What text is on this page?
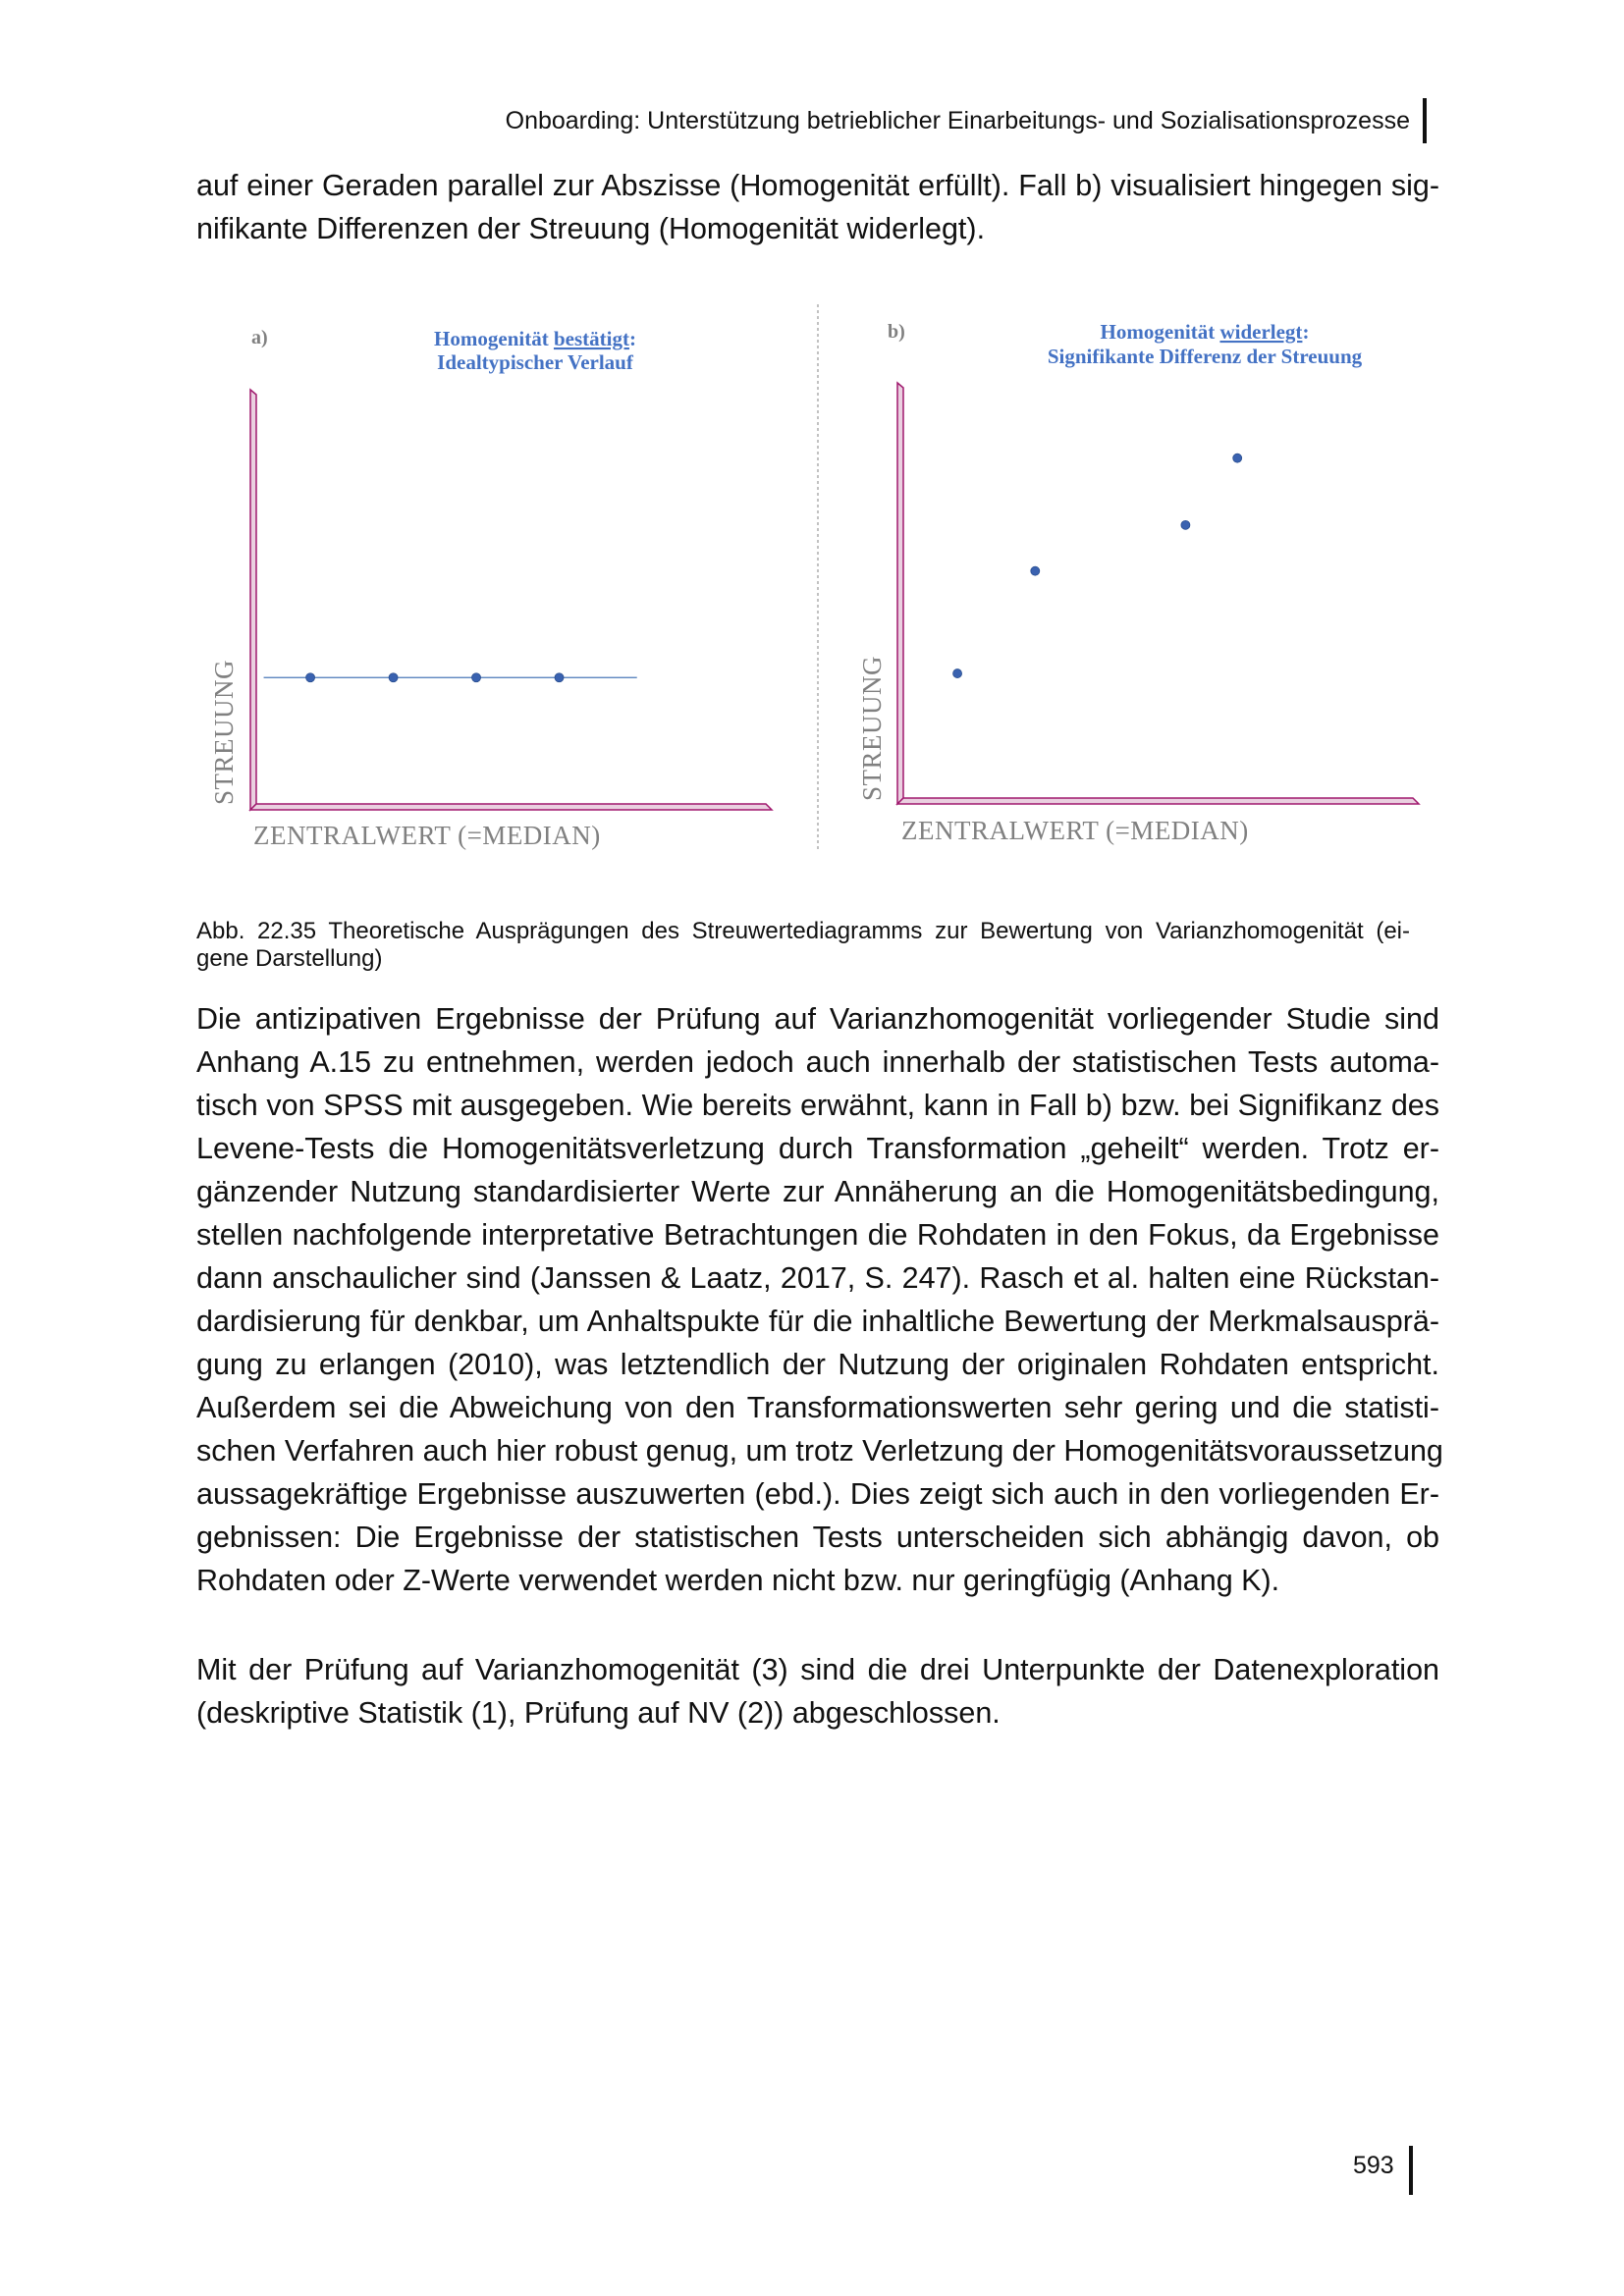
Onboarding: Unterstützung betrieblicher Einarbeitungs- und Sozialisationsprozesse
auf einer Geraden parallel zur Abszisse (Homogenität erfüllt). Fall b) visualisiert hingegen sig-
nifikante Differenzen der Streuung (Homogenität widerlegt).
a)	Homogenität bestätigt:
Idealtypischer Verlauf
STREUUNG
ZENTRALWERT (=MEDIAN)
b)	Homogenität widerlegt:
Signifikante Differenz der Streuung
STREUUNG
ZENTRALWERT (=MEDIAN)
Abb. 22.35 Theoretische Ausprägungen des Streuwertediagramms zur Bewertung von Varianzhomogenität (ei-
gene Darstellung)
Die antizipativen Ergebnisse der Prüfung auf Varianzhomogenität vorliegender Studie sind
Anhang A.15 zu entnehmen, werden jedoch auch innerhalb der statistischen Tests automa-
tisch von SPSS mit ausgegeben. Wie bereits erwähnt, kann in Fall b) bzw. bei Signifikanz des
Levene-Tests die Homogenitätsverletzung durch Transformation „geheilt“ werden. Trotz er-
gänzender Nutzung standardisierter Werte zur Annäherung an die Homogenitätsbedingung,
stellen nachfolgende interpretative Betrachtungen die Rohdaten in den Fokus, da Ergebnisse
dann anschaulicher sind (Janssen & Laatz, 2017, S. 247). Rasch et al. halten eine Rückstan-
dardisierung für denkbar, um Anhaltspukte für die inhaltliche Bewertung der Merkmalsausprä-
gung zu erlangen (2010), was letztendlich der Nutzung der originalen Rohdaten entspricht.
Außerdem sei die Abweichung von den Transformationswerten sehr gering und die statisti-
schen Verfahren auch hier robust genug, um trotz Verletzung der Homogenitätsvoraussetzung
aussagekräftige Ergebnisse auszuwerten (ebd.). Dies zeigt sich auch in den vorliegenden Er-
gebnissen: Die Ergebnisse der statistischen Tests unterscheiden sich abhängig davon, ob
Rohdaten oder Z-Werte verwendet werden nicht bzw. nur geringfügig (Anhang K).
Mit der Prüfung auf Varianzhomogenität (3) sind die drei Unterpunkte der Datenexploration
(deskriptive Statistik (1), Prüfung auf NV (2)) abgeschlossen.
593
